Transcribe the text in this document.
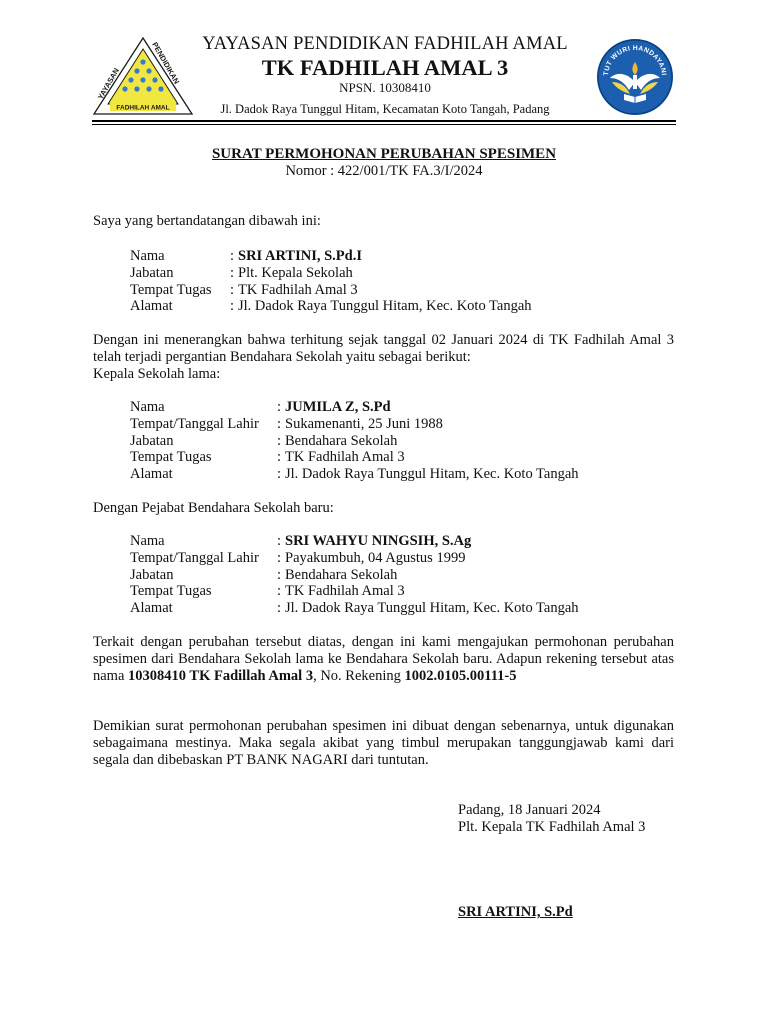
YAYASAN
PENDIDIKAN
FADHILAH AMAL
TUT WURI HANDAYANI
YAYASAN PENDIDIKAN FADHILAH AMAL
TK FADHILAH AMAL 3
NPSN. 10308410
Jl. Dadok Raya Tunggul Hitam, Kecamatan Koto Tangah, Padang
SURAT PERMOHONAN PERUBAHAN SPESIMEN
Nomor : 422/001/TK FA.3/I/2024
Saya yang bertandatangan dibawah ini:
Nama	:	SRI ARTINI, S.Pd.I
Jabatan	:	Plt. Kepala Sekolah
Tempat Tugas	:	TK Fadhilah Amal 3
Alamat	:	Jl. Dadok Raya Tunggul Hitam, Kec. Koto Tangah

Dengan ini menerangkan bahwa terhitung sejak tanggal 02 Januari 2024 di TK Fadhilah Amal 3 telah terjadi pergantian Bendahara Sekolah yaitu sebagai berikut:

Kepala Sekolah lama:
Nama	:	JUMILA Z, S.Pd
Tempat/Tanggal Lahir	:	Sukamenanti, 25 Juni 1988
Jabatan	:	Bendahara Sekolah
Tempat Tugas	:	TK Fadhilah Amal 3
Alamat	:	Jl. Dadok Raya Tunggul Hitam, Kec. Koto Tangah
Dengan Pejabat Bendahara Sekolah baru:
Nama	:	SRI WAHYU NINGSIH, S.Ag
Tempat/Tanggal Lahir	:	Payakumbuh, 04 Agustus 1999
Jabatan	:	Bendahara Sekolah
Tempat Tugas	:	TK Fadhilah Amal 3
Alamat	:	Jl. Dadok Raya Tunggul Hitam, Kec. Koto Tangah

Terkait dengan perubahan tersebut diatas, dengan ini kami mengajukan permohonan perubahan spesimen dari Bendahara Sekolah lama ke Bendahara Sekolah baru. Adapun rekening tersebut atas nama 10308410 TK Fadillah Amal 3, No. Rekening 1002.0105.00111-5

Demikian surat permohonan perubahan spesimen ini dibuat dengan sebenarnya, untuk digunakan sebagaimana mestinya. Maka segala akibat yang timbul merupakan tanggungjawab kami dari segala dan dibebaskan PT BANK NAGARI dari tuntutan.

Padang, 18 Januari 2024
Plt. Kepala TK Fadhilah Amal 3
SRI ARTINI, S.Pd
